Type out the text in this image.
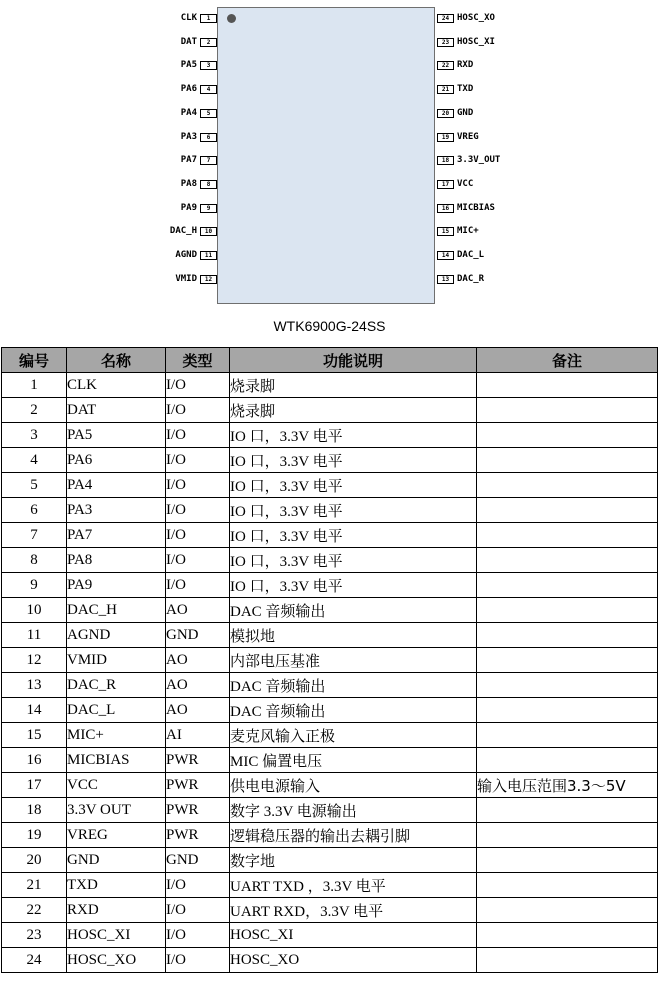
1
CLK
2
DAT
3
PA5
4
PA6
5
PA4
6
PA3
7
PA7
8
PA8
9
PA9
10
DAC_H
11
AGND
12
VMID
24 HOSC_XO
23 HOSC_XI
22 RXD
21 TXD
20 GND
19 VREG
18 3.3V_OUT
17 VCC
16 MICBIAS
15 MIC+
14 DAC_L
13 DAC_R
WTK6900G-24SS
编号	名称	类型	功能说明	备注
1	CLK	I/O	烧录脚	
2	DAT	I/O	烧录脚	
3	PA5	I/O	IO 口，3.3V 电平	
4	PA6	I/O	IO 口，3.3V 电平	
5	PA4	I/O	IO 口，3.3V 电平	
6	PA3	I/O	IO 口，3.3V 电平	
7	PA7	I/O	IO 口，3.3V 电平	
8	PA8	I/O	IO 口，3.3V 电平	
9	PA9	I/O	IO 口，3.3V 电平	
10	DAC_H	AO	DAC 音频输出	
11	AGND	GND	模拟地	
12	VMID	AO	内部电压基准	
13	DAC_R	AO	DAC 音频输出	
14	DAC_L	AO	DAC 音频输出	
15	MIC+	AI	麦克风输入正极	
16	MICBIAS	PWR	MIC 偏置电压	
17	VCC	PWR	供电电源输入	输入电压范围3.3～5V
18	3.3V OUT	PWR	数字 3.3V 电源输出	
19	VREG	PWR	逻辑稳压器的输出去耦引脚	
20	GND	GND	数字地	
21	TXD	I/O	UART TXD ，3.3V 电平	
22	RXD	I/O	UART RXD，3.3V 电平	
23	HOSC_XI	I/O	HOSC_XI	
24	HOSC_XO	I/O	HOSC_XO	
